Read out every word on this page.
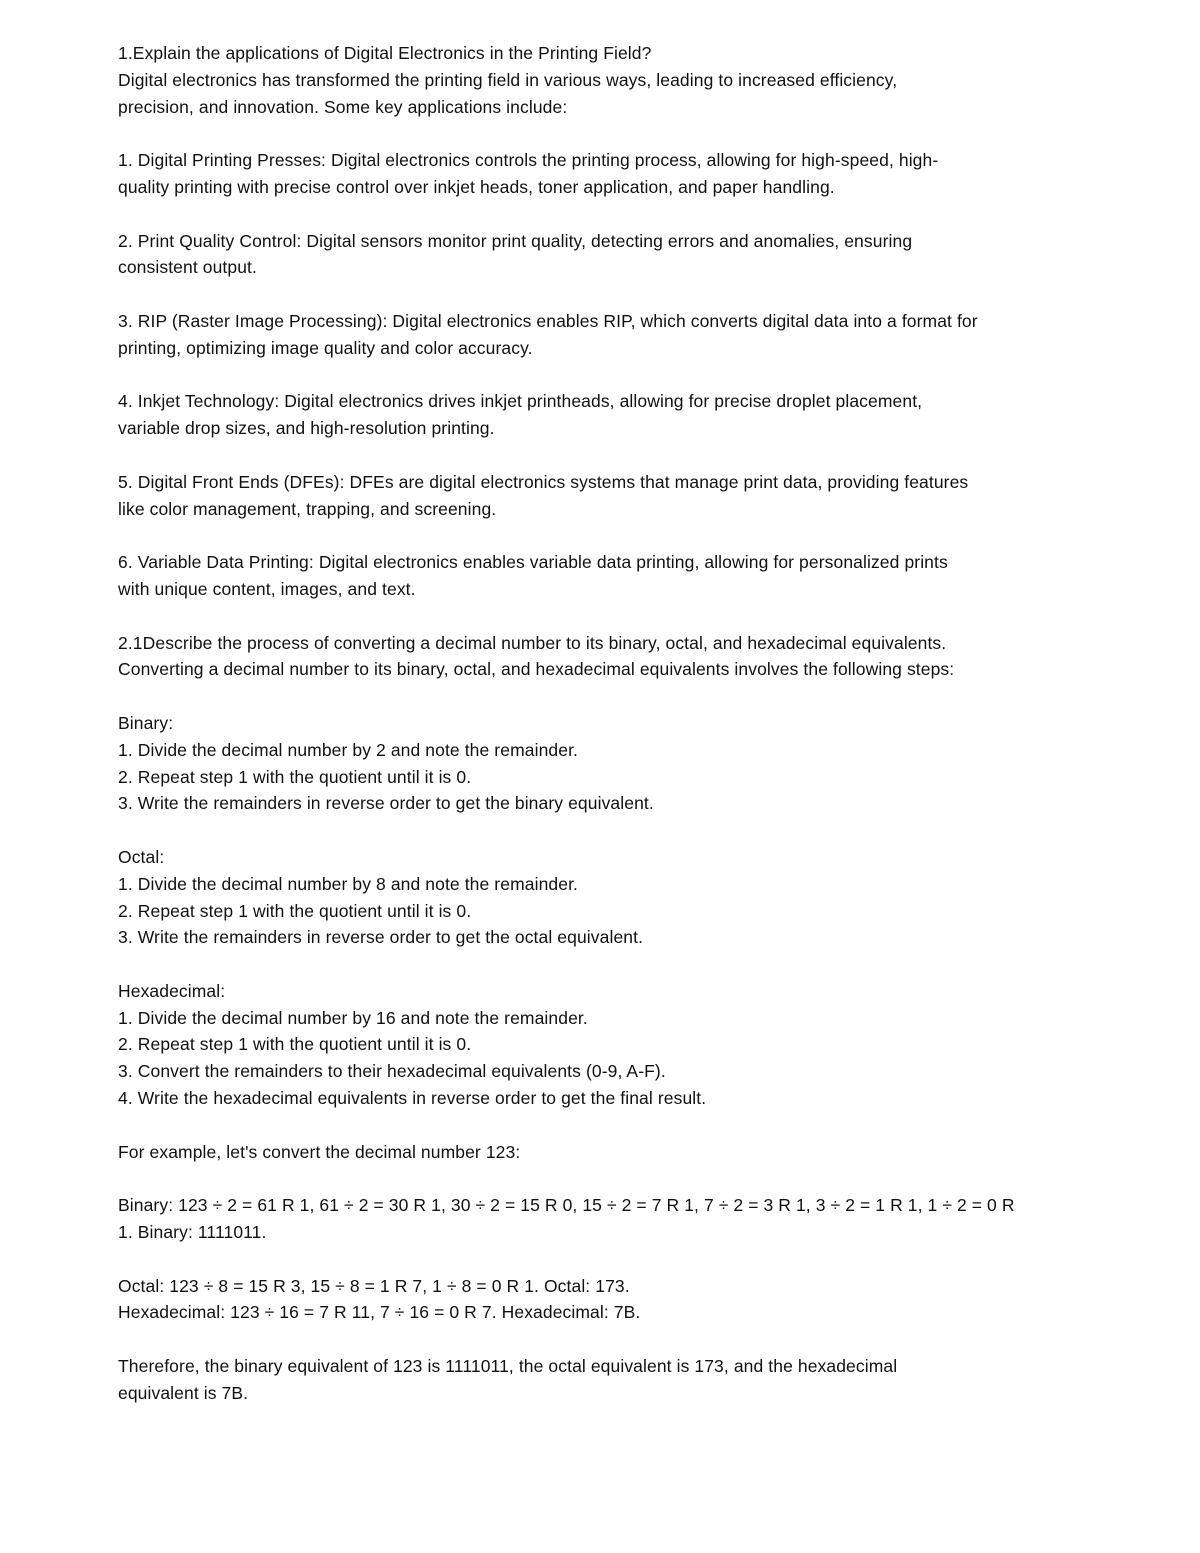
1.Explain the applications of Digital Electronics in the Printing Field?
Digital electronics has transformed the printing field in various ways, leading to increased efficiency,
precision, and innovation. Some key applications include:
1. Digital Printing Presses: Digital electronics controls the printing process, allowing for high-speed, high-
quality printing with precise control over inkjet heads, toner application, and paper handling.
2. Print Quality Control: Digital sensors monitor print quality, detecting errors and anomalies, ensuring
consistent output.
3. RIP (Raster Image Processing): Digital electronics enables RIP, which converts digital data into a format for
printing, optimizing image quality and color accuracy.
4. Inkjet Technology: Digital electronics drives inkjet printheads, allowing for precise droplet placement,
variable drop sizes, and high-resolution printing.
5. Digital Front Ends (DFEs): DFEs are digital electronics systems that manage print data, providing features
like color management, trapping, and screening.
6. Variable Data Printing: Digital electronics enables variable data printing, allowing for personalized prints
with unique content, images, and text.
2.1Describe the process of converting a decimal number to its binary, octal, and hexadecimal equivalents.
Converting a decimal number to its binary, octal, and hexadecimal equivalents involves the following steps:
Binary:
1. Divide the decimal number by 2 and note the remainder.
2. Repeat step 1 with the quotient until it is 0.
3. Write the remainders in reverse order to get the binary equivalent.
Octal:
1. Divide the decimal number by 8 and note the remainder.
2. Repeat step 1 with the quotient until it is 0.
3. Write the remainders in reverse order to get the octal equivalent.
Hexadecimal:
1. Divide the decimal number by 16 and note the remainder.
2. Repeat step 1 with the quotient until it is 0.
3. Convert the remainders to their hexadecimal equivalents (0-9, A-F).
4. Write the hexadecimal equivalents in reverse order to get the final result.
For example, let's convert the decimal number 123:
Binary: 123 ÷ 2 = 61 R 1, 61 ÷ 2 = 30 R 1, 30 ÷ 2 = 15 R 0, 15 ÷ 2 = 7 R 1, 7 ÷ 2 = 3 R 1, 3 ÷ 2 = 1 R 1, 1 ÷ 2 = 0 R
1. Binary: 1111011.
Octal: 123 ÷ 8 = 15 R 3, 15 ÷ 8 = 1 R 7, 1 ÷ 8 = 0 R 1. Octal: 173.
Hexadecimal: 123 ÷ 16 = 7 R 11, 7 ÷ 16 = 0 R 7. Hexadecimal: 7B.
Therefore, the binary equivalent of 123 is 1111011, the octal equivalent is 173, and the hexadecimal
equivalent is 7B.
